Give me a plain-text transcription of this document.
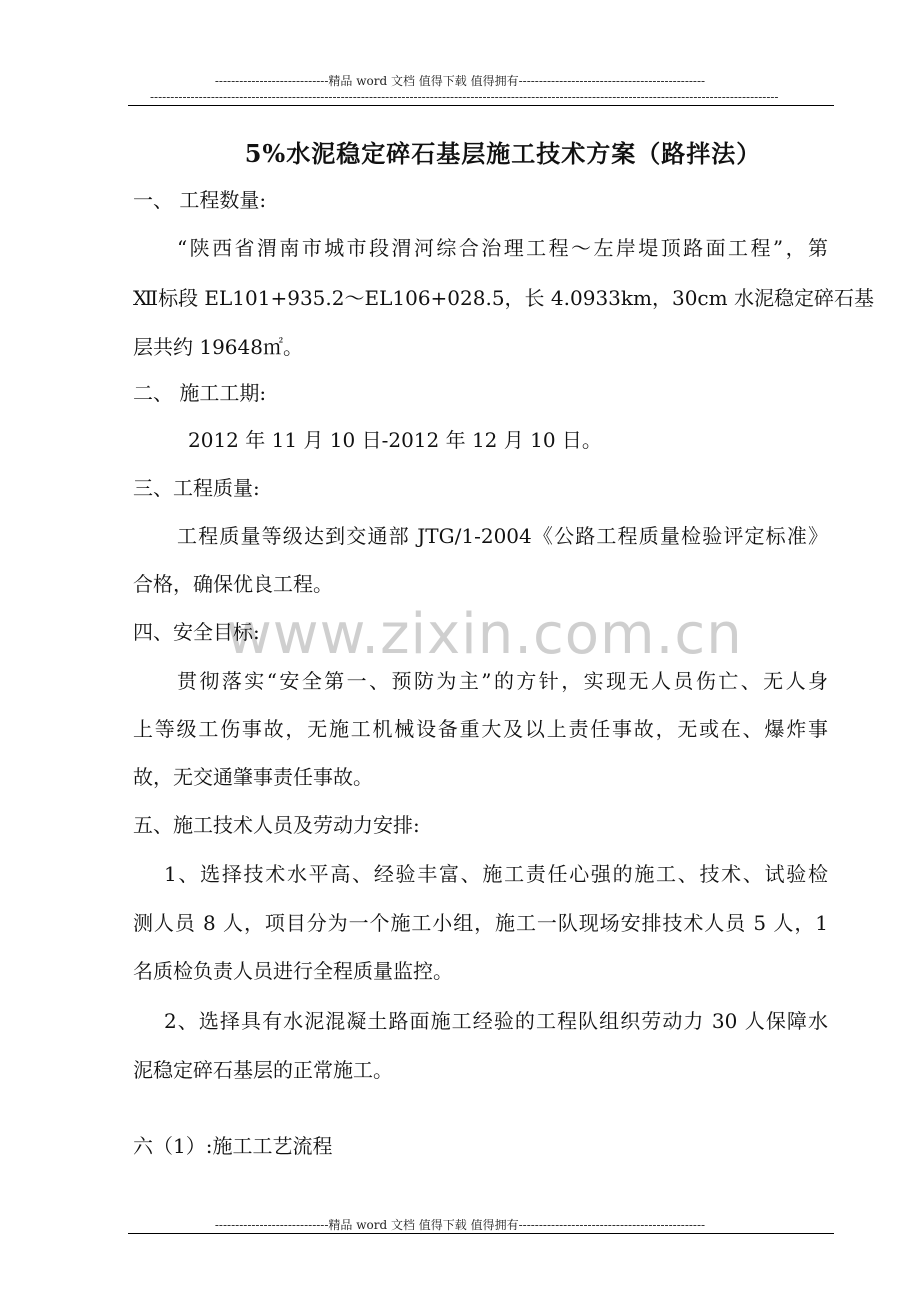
----------------------------精品 word 文档 值得下载 值得拥有----------------------------------------------
-----------------------------------------------------------------------------------------------------------------------------------------------------------
www.zixin.com.cn
5%水泥稳定碎石基层施工技术方案（路拌法）
一、 工程数量:
“陕西省渭南市城市段渭河综合治理工程～左岸堤顶路面工程”，第
Ⅻ标段 EL101+935.2～EL106+028.5，长 4.0933km，30cm 水泥稳定碎石基
层共约 19648㎡。
二、 施工工期:
2012 年 11 月 10 日-2012 年 12 月 10 日。
三、工程质量:
工程质量等级达到交通部 JTG/1-2004《公路工程质量检验评定标准》
合格，确保优良工程。
四、安全目标:
贯彻落实“安全第一、预防为主”的方针，实现无人员伤亡、无人身
上等级工伤事故，无施工机械设备重大及以上责任事故，无或在、爆炸事
故，无交通肇事责任事故。
五、施工技术人员及劳动力安排:
1、选择技术水平高、经验丰富、施工责任心强的施工、技术、试验检
测人员 8 人，项目分为一个施工小组，施工一队现场安排技术人员 5 人，1
名质检负责人员进行全程质量监控。
2、选择具有水泥混凝土路面施工经验的工程队组织劳动力 30 人保障水
泥稳定碎石基层的正常施工。
六（1）:施工工艺流程
----------------------------精品 word 文档 值得下载 值得拥有----------------------------------------------
